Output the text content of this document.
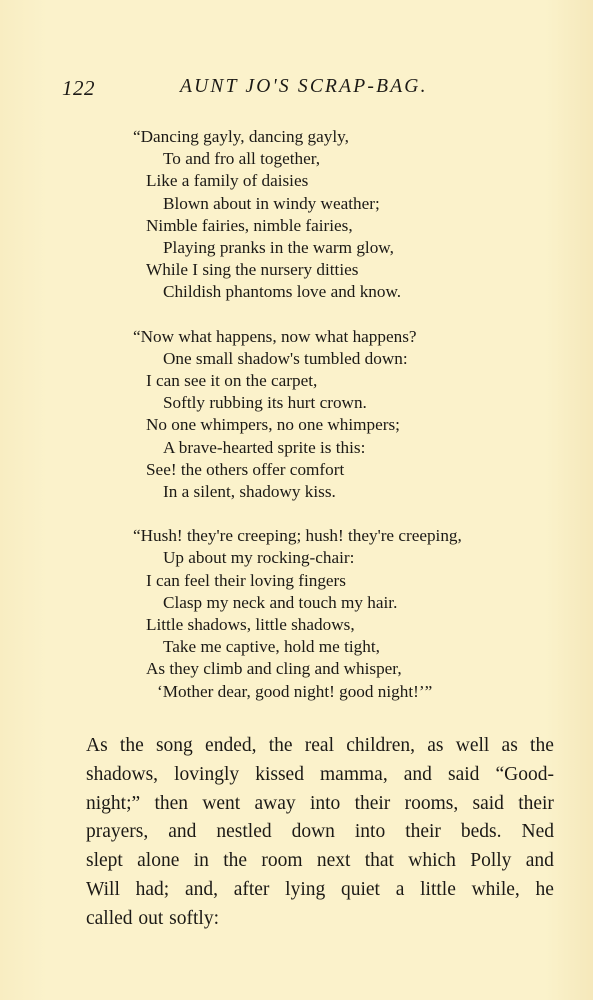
122	AUNT JO'S SCRAP-BAG.
“Dancing gayly, dancing gayly,
To and fro all together,
Like a family of daisies
Blown about in windy weather;
Nimble fairies, nimble fairies,
Playing pranks in the warm glow,
While I sing the nursery ditties
Childish phantoms love and know.
“Now what happens, now what happens?
One small shadow's tumbled down:
I can see it on the carpet,
Softly rubbing its hurt crown.
No one whimpers, no one whimpers;
A brave-hearted sprite is this:
See! the others offer comfort
In a silent, shadowy kiss.
“Hush! they're creeping; hush! they're creeping,
Up about my rocking-chair:
I can feel their loving fingers
Clasp my neck and touch my hair.
Little shadows, little shadows,
Take me captive, hold me tight,
As they climb and cling and whisper,
‘Mother dear, good night! good night!’”
As the song ended, the real children, as well as the
shadows, lovingly kissed mamma, and said “Good-
night;” then went away into their rooms, said their
prayers, and nestled down into their beds. Ned
slept alone in the room next that which Polly and
Will had; and, after lying quiet a little while, he
called out softly:
